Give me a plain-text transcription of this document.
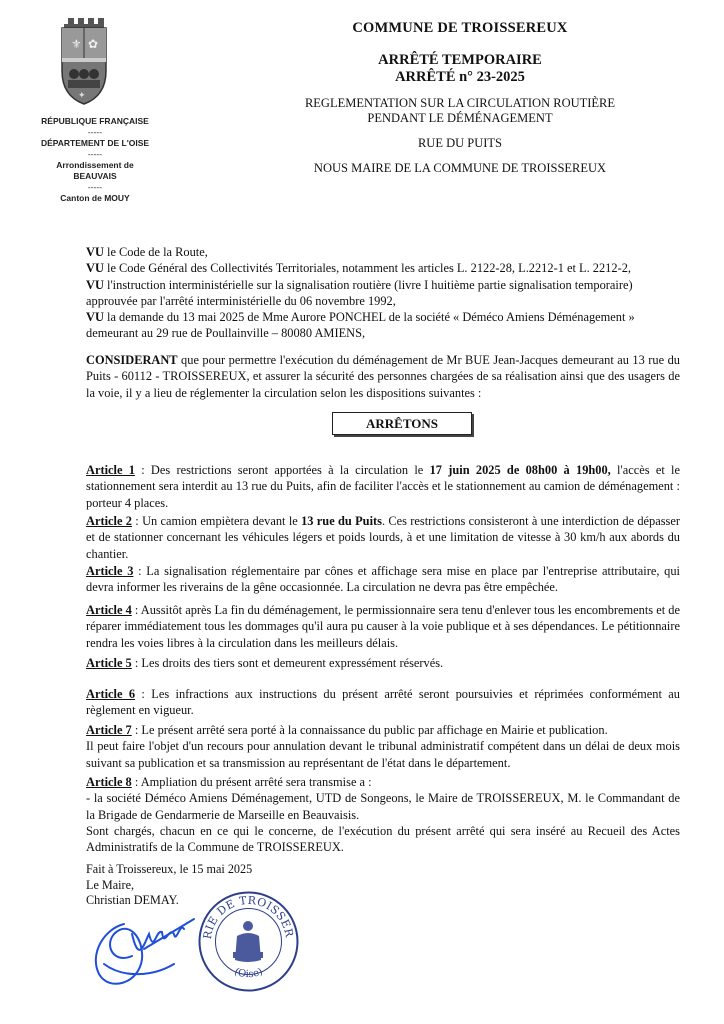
⚜ ✿
✦
RÉPUBLIQUE FRANÇAISE
-----
DÉPARTEMENT DE L'OISE
-----
Arrondissement de
BEAUVAIS
-----
Canton de MOUY
COMMUNE DE TROISSEREUX
ARRÊTÉ TEMPORAIRE
ARRÊTÉ n° 23-2025
REGLEMENTATION SUR LA CIRCULATION ROUTIÈRE
PENDANT LE DÉMÉNAGEMENT
RUE DU PUITS
NOUS MAIRE DE LA COMMUNE DE TROISSEREUX

VU le Code de la Route,

VU le Code Général des Collectivités Territoriales, notamment les articles L. 2122-28, L.2212-1 et L. 2212-2,

VU l'instruction interministérielle sur la signalisation routière (livre I huitième partie signalisation temporaire) approuvée par l'arrêté interministérielle du 06 novembre 1992,

VU la demande du 13 mai 2025 de Mme Aurore PONCHEL de la société « Déméco Amiens Déménagement » demeurant au 29 rue de Poullainville – 80080 AMIENS,

CONSIDERANT que pour permettre l'exécution du déménagement de Mr BUE Jean-Jacques demeurant au 13 rue du Puits - 60112 - TROISSEREUX, et assurer la sécurité des personnes chargées de sa réalisation ainsi que des usagers de la voie, il y a lieu de réglementer la circulation selon les dispositions suivantes :
ARRÊTONS
Article 1 : Des restrictions seront apportées à la circulation le 17 juin 2025 de 08h00 à 19h00, l'accès et le stationnement sera interdit au 13 rue du Puits, afin de faciliter l'accès et le stationnement au camion de déménagement : porteur 4 places.
Article 2 : Un camion empiètera devant le 13 rue du Puits. Ces restrictions consisteront à une interdiction de dépasser et de stationner concernant les véhicules légers et poids lourds, à et une limitation de vitesse à 30 km/h aux abords du chantier.
Article 3 : La signalisation réglementaire par cônes et affichage sera mise en place par l'entreprise attributaire, qui devra informer les riverains de la gêne occasionnée. La circulation ne devra pas être empêchée.
Article 4 : Aussitôt après La fin du déménagement, le permissionnaire sera tenu d'enlever tous les encombrements et de réparer immédiatement tous les dommages qu'il aura pu causer à la voie publique et à ses dépendances. Le pétitionnaire rendra les voies libres à la circulation dans les meilleurs délais.
Article 5 : Les droits des tiers sont et demeurent expressément réservés.
Article 6 : Les infractions aux instructions du présent arrêté seront poursuivies et réprimées conformément au règlement en vigueur.

Article 7 : Le présent arrêté sera porté à la connaissance du public par affichage en Mairie et publication.

Il peut faire l'objet d'un recours pour annulation devant le tribunal administratif compétent dans un délai de deux mois suivant sa publication et sa transmission au représentant de l'état dans le département.

Article 8 : Ampliation du présent arrêté sera transmise a :

- la société Déméco Amiens Déménagement, UTD de Songeons, le Maire de TROISSEREUX, M. le Commandant de la Brigade de Gendarmerie de Marseille en Beauvaisis.

Sont chargés, chacun en ce qui le concerne, de l'exécution du présent arrêté qui sera inséré au Recueil des Actes Administratifs de la Commune de TROISSEREUX.

Fait à Troissereux, le 15 mai 2025

Le Maire,

Christian DEMAY.

RIE DE TROISSER
(Oise)
